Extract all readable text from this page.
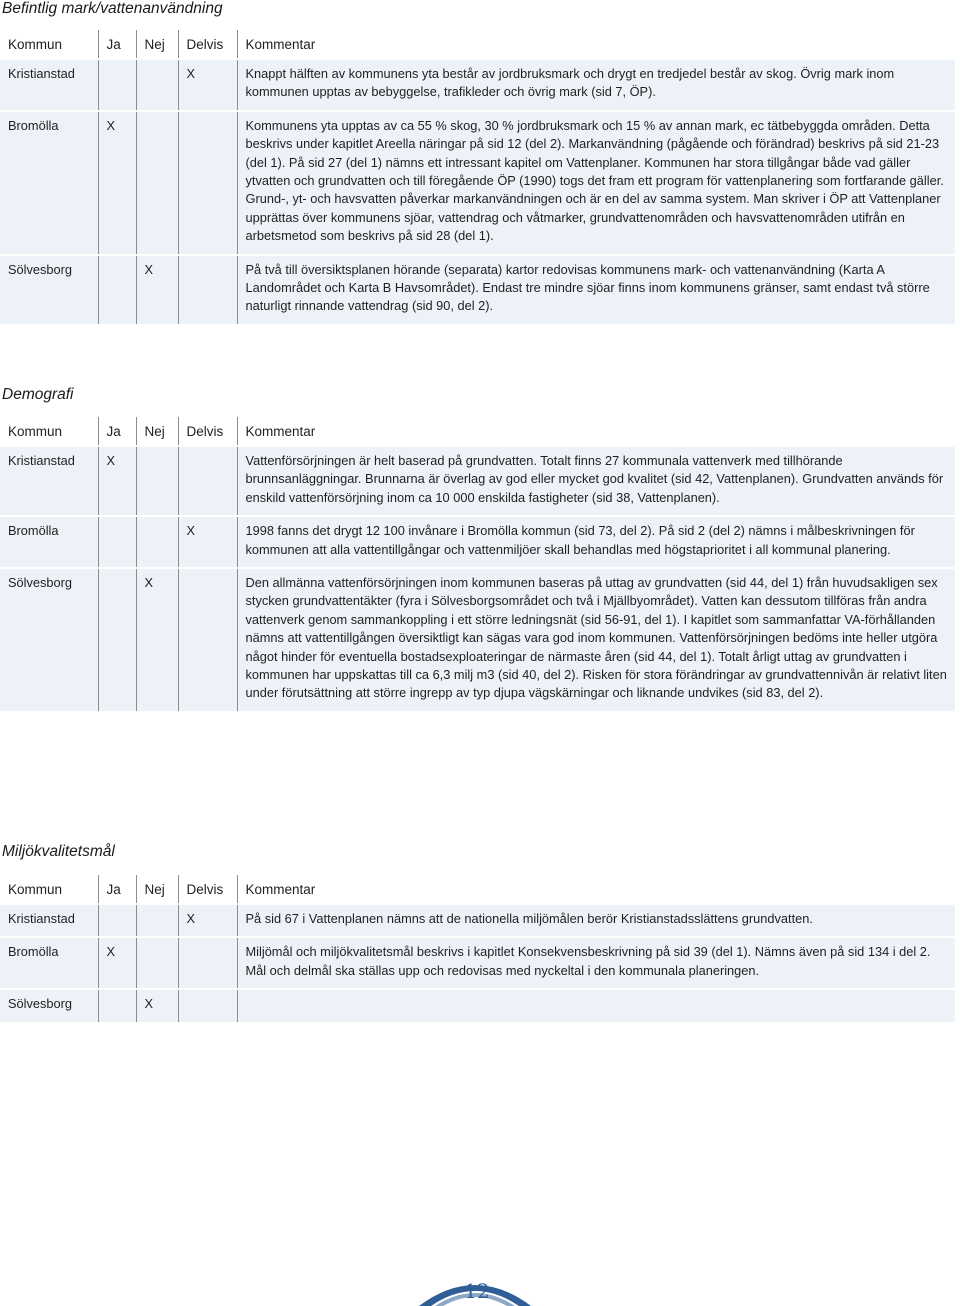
Befintlig mark/vattenanvändning
Kommun	Ja	Nej	Delvis	Kommentar
Kristianstad			X	Knappt hälften av kommunens yta består av jordbruksmark och drygt en tredjedel består av skog. Övrig mark inom kommunen upptas av bebyggelse, trafikleder och övrig mark (sid 7, ÖP).
Bromölla	X			Kommunens yta upptas av ca 55 % skog, 30 % jordbruksmark och 15 % av annan mark, ec tätbebyggda områden. Detta beskrivs under kapitlet Areella näringar på sid 12 (del 2). Markanvändning (pågående och förändrad) beskrivs på sid 21-23 (del 1). På sid 27 (del 1) nämns ett intressant kapitel om Vattenplaner. Kommunen har stora tillgångar både vad gäller ytvatten och grundvatten och till föregående ÖP (1990) togs det fram ett program för vattenplanering som fortfarande gäller. Grund-, yt- och havsvatten påverkar markanvändningen och är en del av samma system. Man skriver i ÖP att Vattenplaner upprättas över kommunens sjöar, vattendrag och våtmarker, grundvattenområden och havsvattenområden utifrån en arbetsmetod som beskrivs på sid 28 (del 1).
Sölvesborg		X		På två till översiktsplanen hörande (separata) kartor redovisas kommunens mark- och vattenanvändning (Karta A Landområdet och Karta B Havsområdet). Endast tre mindre sjöar finns inom kommunens gränser, samt endast två större naturligt rinnande vattendrag (sid 90, del 2).
Demografi
Kommun	Ja	Nej	Delvis	Kommentar
Kristianstad	X			Vattenförsörjningen är helt baserad på grundvatten. Totalt finns 27 kommunala vattenverk med tillhörande brunnsanläggningar. Brunnarna är överlag av god eller mycket god kvalitet (sid 42, Vattenplanen). Grundvatten används för enskild vattenförsörjning inom ca 10 000 enskilda fastigheter (sid 38, Vattenplanen).
Bromölla			X	1998 fanns det drygt 12 100 invånare i Bromölla kommun (sid 73, del 2). På sid 2 (del 2) nämns i målbeskrivningen för kommunen att alla vattentillgångar och vattenmiljöer skall behandlas med högstaprioritet i all kommunal planering.
Sölvesborg		X		Den allmänna vattenförsörjningen inom kommunen baseras på uttag av grundvatten (sid 44, del 1) från huvudsakligen sex stycken grundvattentäkter (fyra i Sölvesborgsområdet och två i Mjällbyområdet). Vatten kan dessutom tillföras från andra vattenverk genom sammankoppling i ett större ledningsnät (sid 56-91, del 1). I kapitlet som sammanfattar VA-förhållanden nämns att vattentillgången översiktligt kan sägas vara god inom kommunen. Vattenförsörjningen bedöms inte heller utgöra något hinder för eventuella bostadsexploateringar de närmaste åren (sid 44, del 1). Totalt årligt uttag av grundvatten i kommunen har uppskattas till ca 6,3 milj m3 (sid 40, del 2). Risken för stora förändringar av grundvattennivån är relativt liten under förutsättning att större ingrepp av typ djupa vägskärningar och liknande undvikes (sid 83, del 2).
Miljökvalitetsmål
Kommun	Ja	Nej	Delvis	Kommentar
Kristianstad			X	På sid 67 i Vattenplanen nämns att de nationella miljömålen berör Kristianstadsslättens grundvatten.
Bromölla	X			Miljömål och miljökvalitetsmål beskrivs i kapitlet Konsekvensbeskrivning på sid 39 (del 1). Nämns även på sid 134 i del 2. Mål och delmål ska ställas upp och redovisas med nyckeltal i den kommunala planeringen.
Sölvesborg		X		
12
